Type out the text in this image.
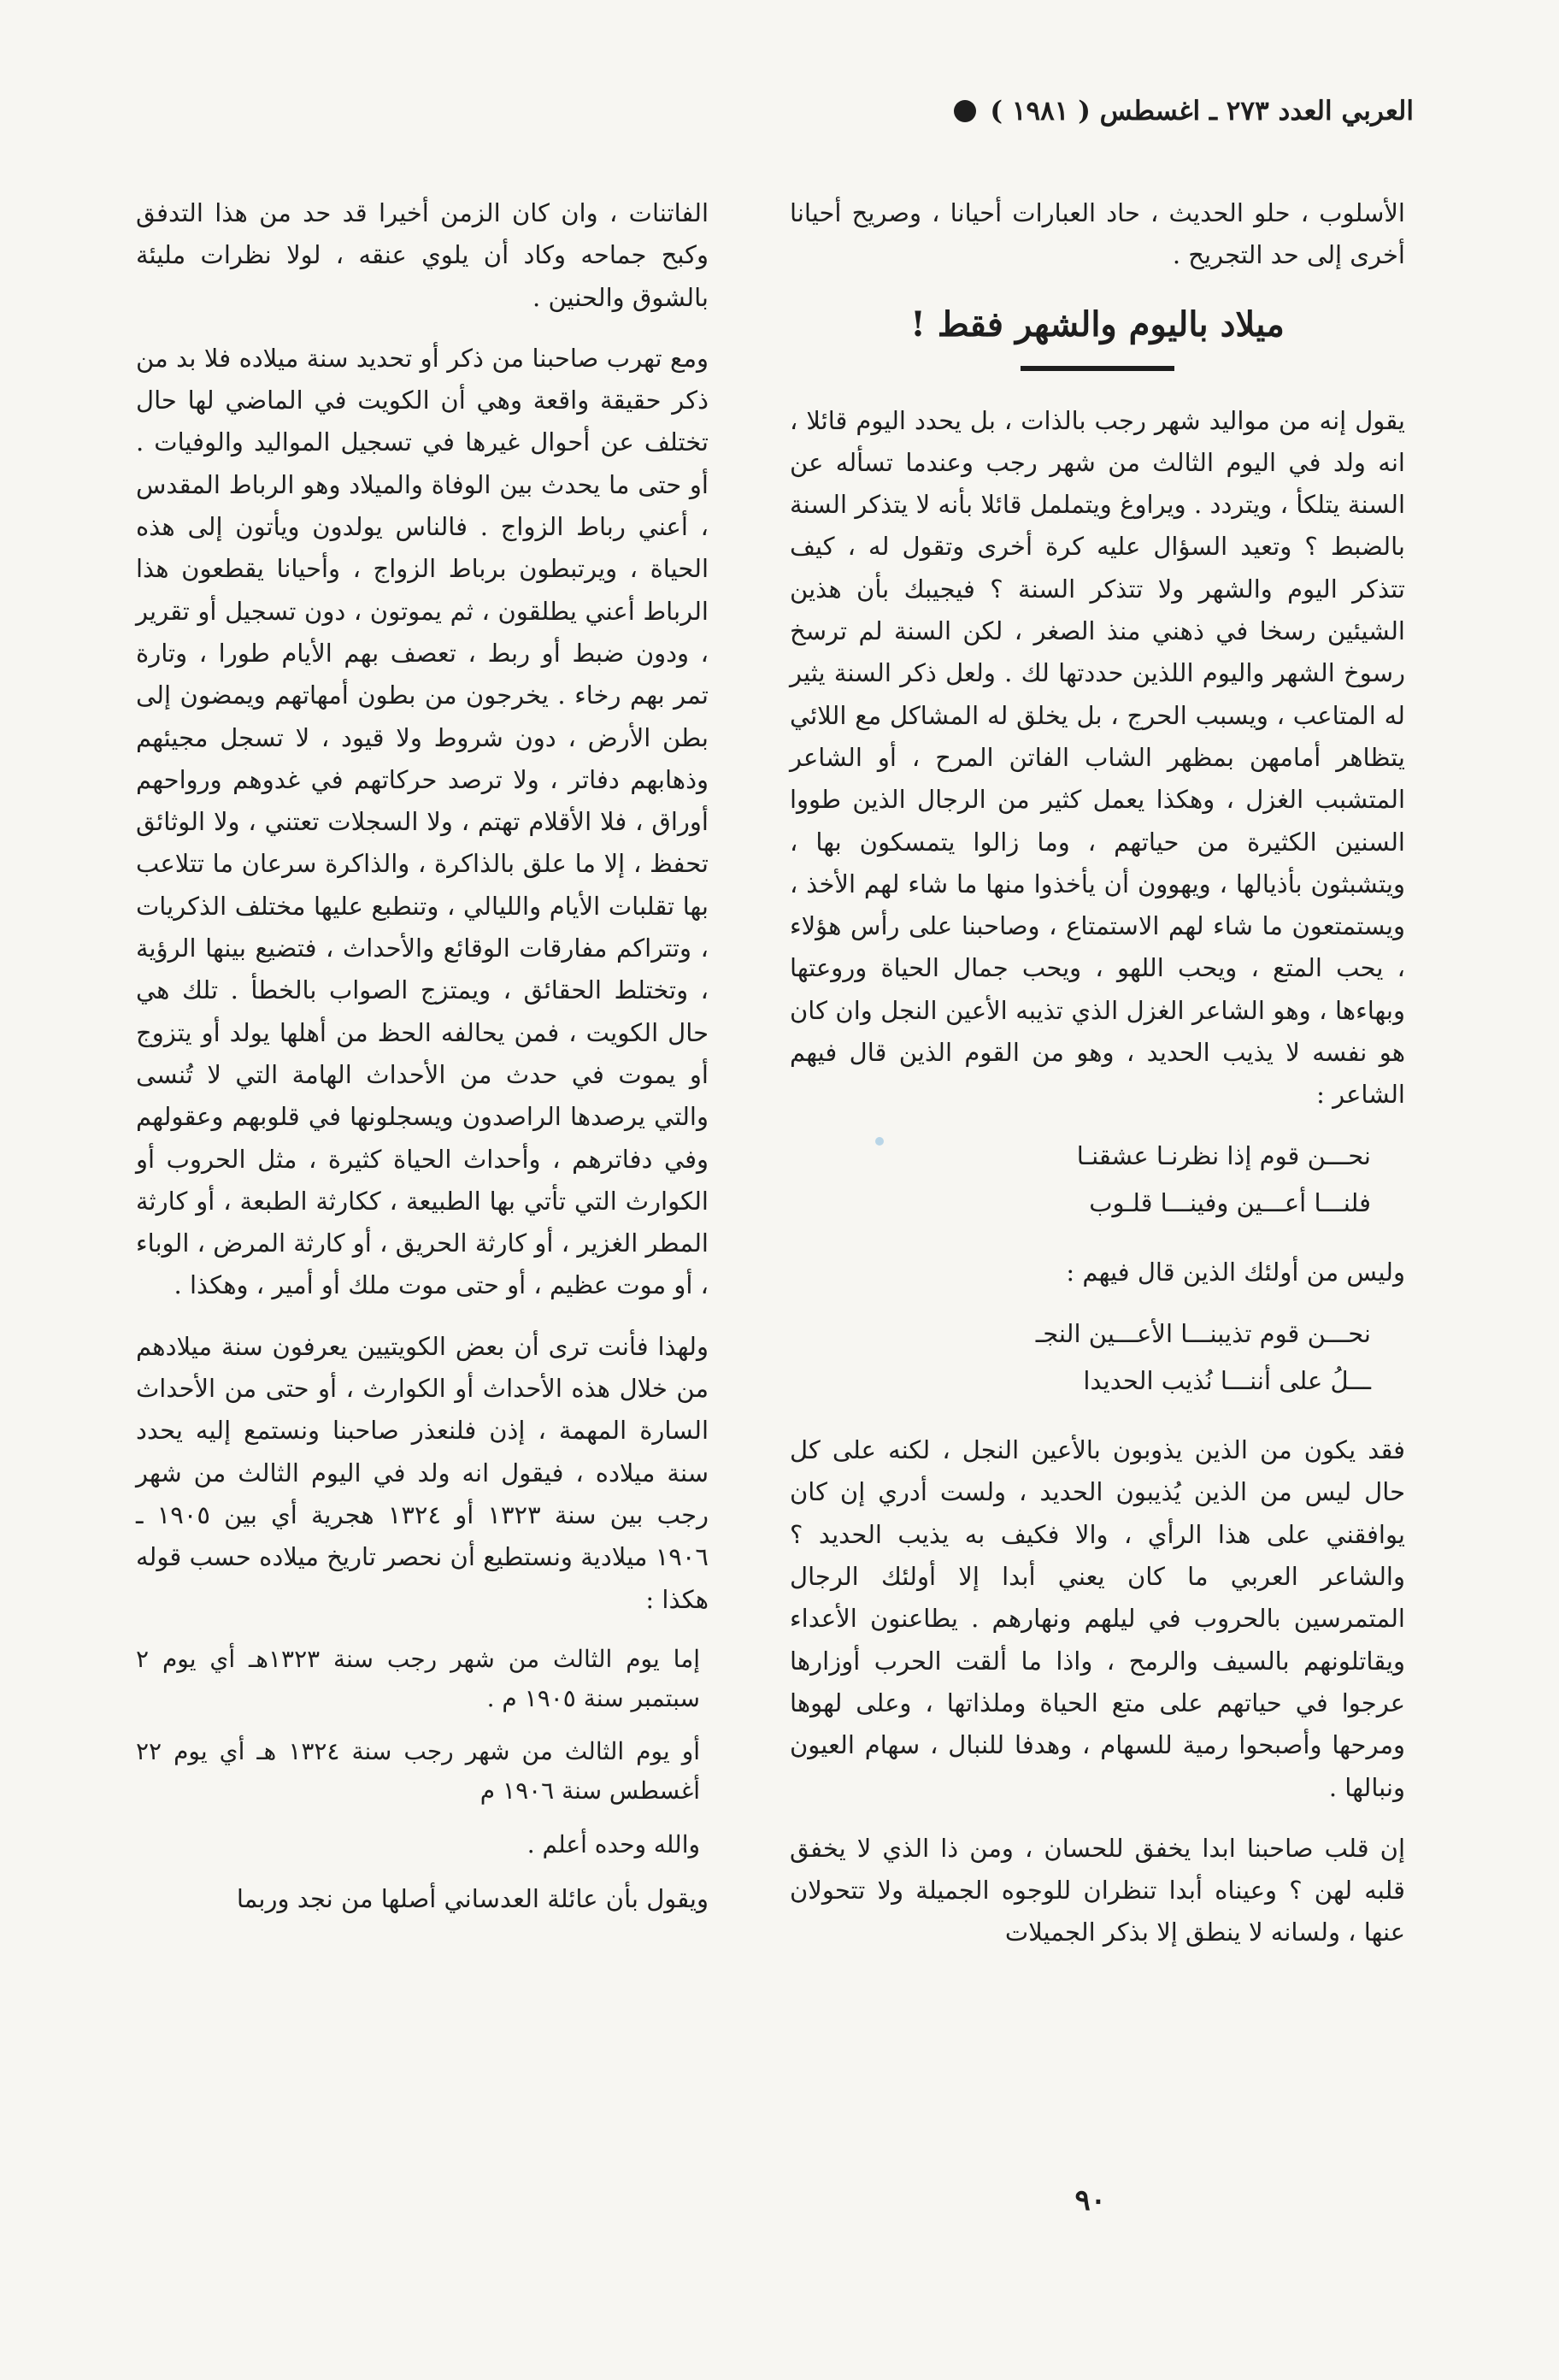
العربي العدد ٢٧٣ ـ اغسطس ( ١٩٨١ )

الأسلوب ، حلو الحديث ، حاد العبارات أحيانا ، وصريح أحيانا أخرى إلى حد التجريح .

ميلاد باليوم والشهر فقط !

يقول إنه من مواليد شهر رجب بالذات ، بل يحدد اليوم قائلا ، انه ولد في اليوم الثالث من شهر رجب وعندما تسأله عن السنة يتلكأ ، ويتردد . ويراوغ ويتململ قائلا بأنه لا يتذكر السنة بالضبط ؟ وتعيد السؤال عليه كرة أخرى وتقول له ، كيف تتذكر اليوم والشهر ولا تتذكر السنة ؟ فيجيبك بأن هذين الشيئين رسخا في ذهني منذ الصغر ، لكن السنة لم ترسخ رسوخ الشهر واليوم اللذين حددتها لك . ولعل ذكر السنة يثير له المتاعب ، ويسبب الحرج ، بل يخلق له المشاكل مع اللائي يتظاهر أمامهن بمظهر الشاب الفاتن المرح ، أو الشاعر المتشبب الغزل ، وهكذا يعمل كثير من الرجال الذين طووا السنين الكثيرة من حياتهم ، وما زالوا يتمسكون بها ، ويتشبثون بأذيالها ، ويهوون أن يأخذوا منها ما شاء لهم الأخذ ، ويستمتعون ما شاء لهم الاستمتاع ، وصاحبنا على رأس هؤلاء ، يحب المتع ، ويحب اللهو ، ويحب جمال الحياة وروعتها وبهاءها ، وهو الشاعر الغزل الذي تذيبه الأعين النجل وان كان هو نفسه لا يذيب الحديد ، وهو من القوم الذين قال فيهم الشاعر :

نحـــن قوم إذا نظرنـا عشقنـا
فلنـــا أعـــين وفينـــا قلـوب

وليس من أولئك الذين قال فيهم :

نحـــن قوم تذيبنـــا الأعـــين النجـ
ـــلُ على أننـــا نُذيب الحديدا

فقد يكون من الذين يذوبون بالأعين النجل ، لكنه على كل حال ليس من الذين يُذيبون الحديد ، ولست أدري إن كان يوافقني على هذا الرأي ، والا فكيف به يذيب الحديد ؟ والشاعر العربي ما كان يعني أبدا إلا أولئك الرجال المتمرسين بالحروب في ليلهم ونهارهم . يطاعنون الأعداء ويقاتلونهم بالسيف والرمح ، واذا ما ألقت الحرب أوزارها عرجوا في حياتهم على متع الحياة وملذاتها ، وعلى لهوها ومرحها وأصبحوا رمية للسهام ، وهدفا للنبال ، سهام العيون ونبالها .

إن قلب صاحبنا ابدا يخفق للحسان ، ومن ذا الذي لا يخفق قلبه لهن ؟ وعيناه أبدا تنظران للوجوه الجميلة ولا تتحولان عنها ، ولسانه لا ينطق إلا بذكر الجميلات

الفاتنات ، وان كان الزمن أخيرا قد حد من هذا التدفق وكبح جماحه وكاد أن يلوي عنقه ، لولا نظرات مليئة بالشوق والحنين .

ومع تهرب صاحبنا من ذكر أو تحديد سنة ميلاده فلا بد من ذكر حقيقة واقعة وهي أن الكويت في الماضي لها حال تختلف عن أحوال غيرها في تسجيل المواليد والوفيات . أو حتى ما يحدث بين الوفاة والميلاد وهو الرباط المقدس ، أعني رباط الزواج . فالناس يولدون ويأتون إلى هذه الحياة ، ويرتبطون برباط الزواج ، وأحيانا يقطعون هذا الرباط أعني يطلقون ، ثم يموتون ، دون تسجيل أو تقرير ، ودون ضبط أو ربط ، تعصف بهم الأيام طورا ، وتارة تمر بهم رخاء . يخرجون من بطون أمهاتهم ويمضون إلى بطن الأرض ، دون شروط ولا قيود ، لا تسجل مجيئهم وذهابهم دفاتر ، ولا ترصد حركاتهم في غدوهم ورواحهم أوراق ، فلا الأقلام تهتم ، ولا السجلات تعتني ، ولا الوثائق تحفظ ، إلا ما علق بالذاكرة ، والذاكرة سرعان ما تتلاعب بها تقلبات الأيام والليالي ، وتنطبع عليها مختلف الذكريات ، وتتراكم مفارقات الوقائع والأحداث ، فتضيع بينها الرؤية ، وتختلط الحقائق ، ويمتزج الصواب بالخطأ . تلك هي حال الكويت ، فمن يحالفه الحظ من أهلها يولد أو يتزوج أو يموت في حدث من الأحداث الهامة التي لا تُنسى والتي يرصدها الراصدون ويسجلونها في قلوبهم وعقولهم وفي دفاترهم ، وأحداث الحياة كثيرة ، مثل الحروب أو الكوارث التي تأتي بها الطبيعة ، ككارثة الطبعة ، أو كارثة المطر الغزير ، أو كارثة الحريق ، أو كارثة المرض ، الوباء ، أو موت عظيم ، أو حتى موت ملك أو أمير ، وهكذا .

ولهذا فأنت ترى أن بعض الكويتيين يعرفون سنة ميلادهم من خلال هذه الأحداث أو الكوارث ، أو حتى من الأحداث السارة المهمة ، إذن فلنعذر صاحبنا ونستمع إليه يحدد سنة ميلاده ، فيقول انه ولد في اليوم الثالث من شهر رجب بين سنة ١٣٢٣ أو ١٣٢٤ هجرية أي بين ١٩٠٥ ـ ١٩٠٦ ميلادية ونستطيع أن نحصر تاريخ ميلاده حسب قوله هكذا :

إما يوم الثالث من شهر رجب سنة ١٣٢٣هـ أي يوم ٢ سبتمبر سنة ١٩٠٥ م .
أو يوم الثالث من شهر رجب سنة ١٣٢٤ هـ أي يوم ٢٢ أغسطس سنة ١٩٠٦ م
والله وحده أعلم .

ويقول بأن عائلة العدساني أصلها من نجد وربما

٩٠
